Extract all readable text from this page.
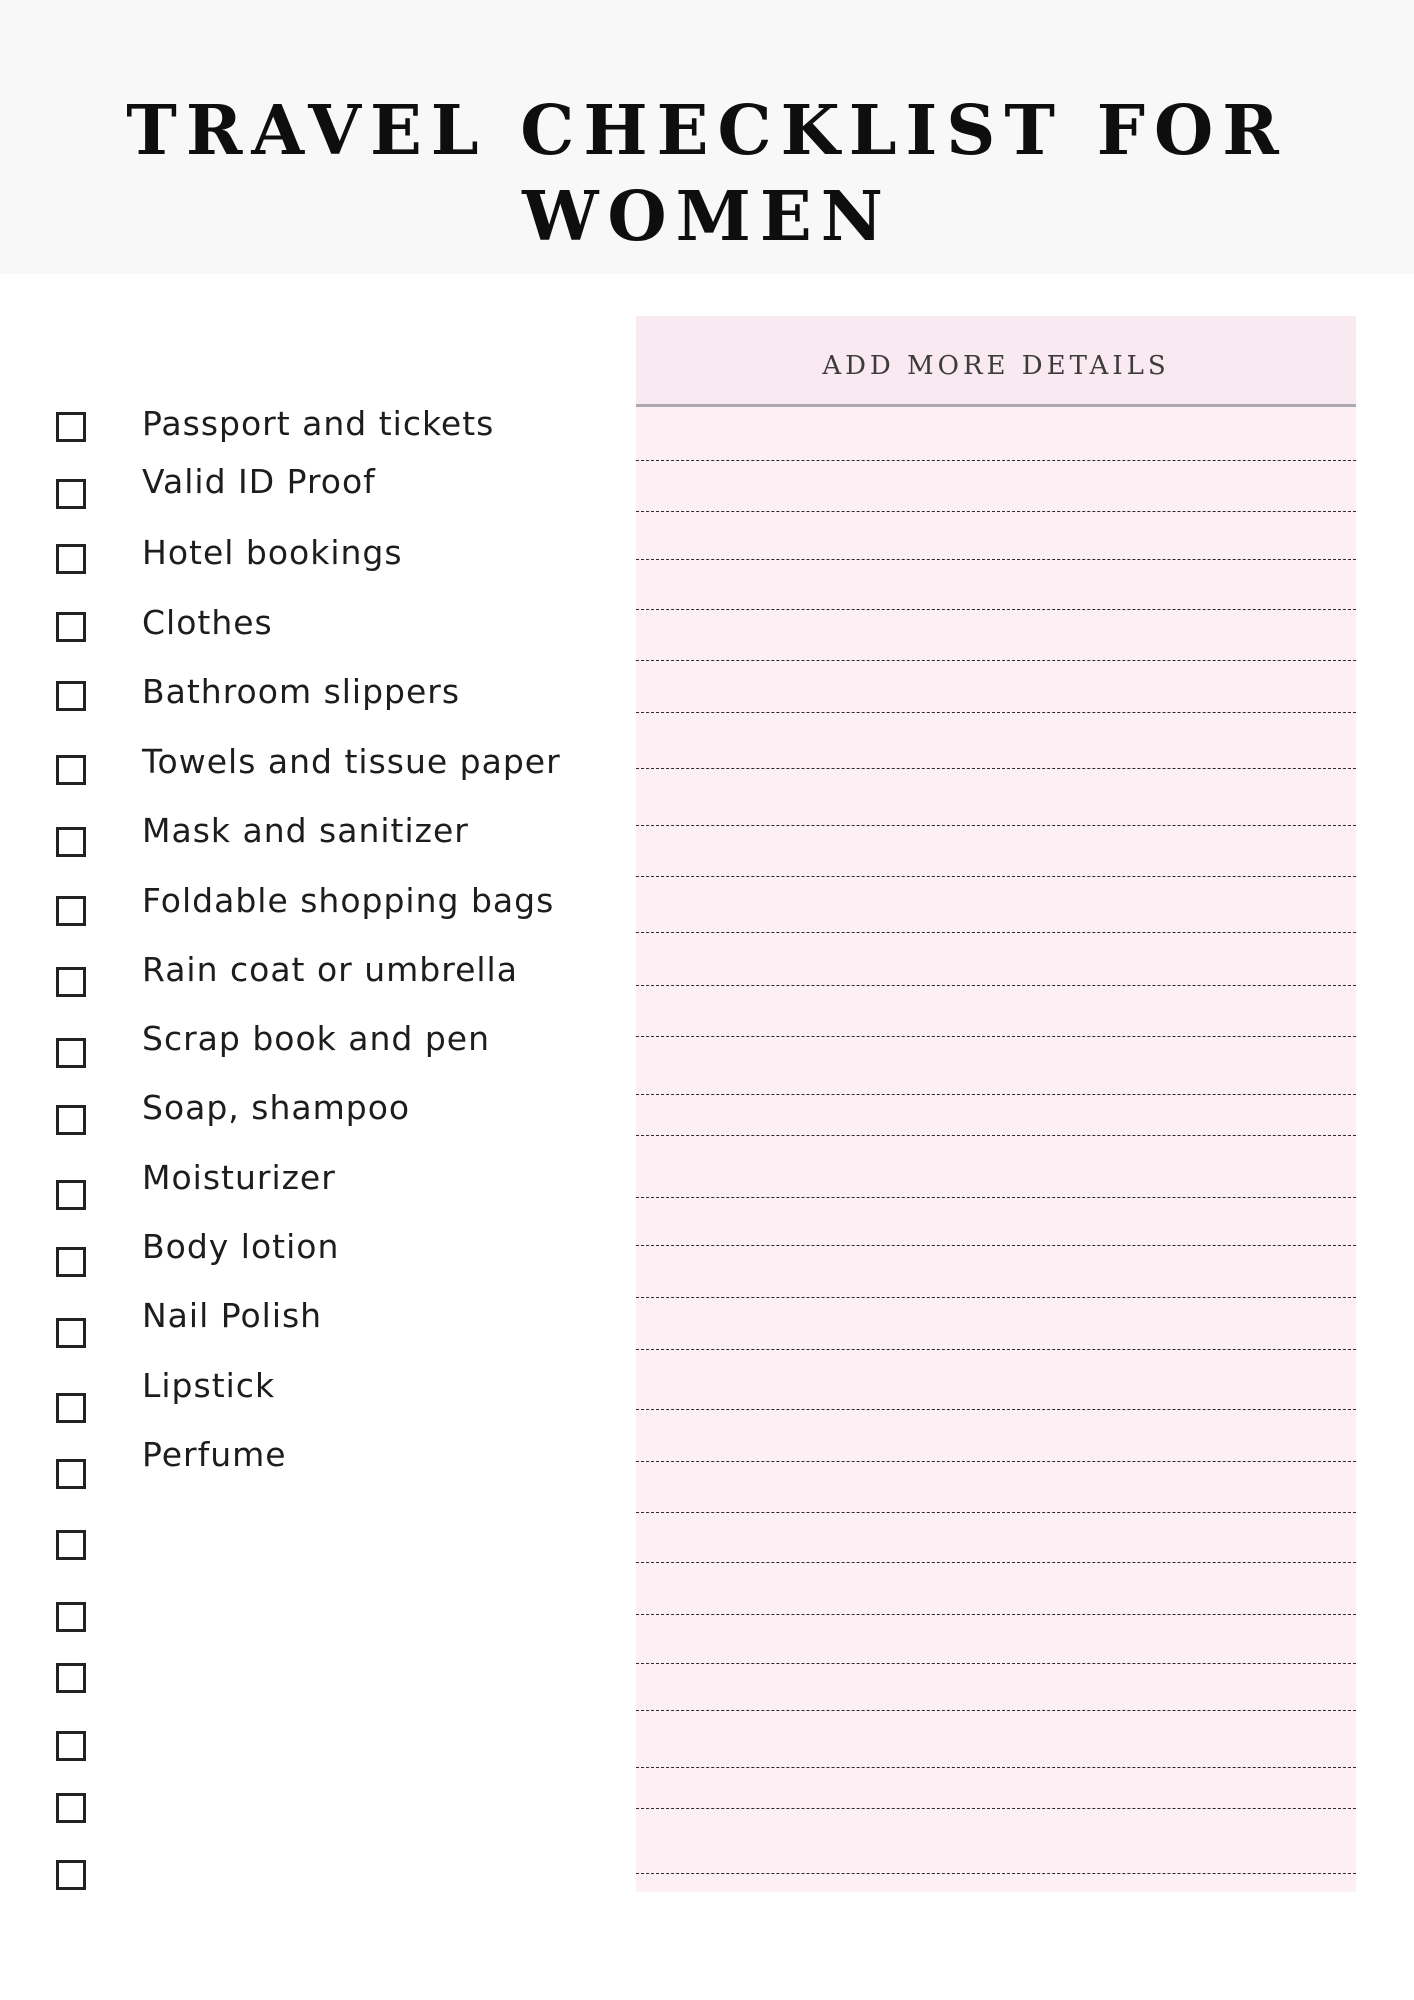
TRAVEL CHECKLIST FOR WOMEN
Passport and tickets
Valid ID Proof
Hotel bookings
Clothes
Bathroom slippers
Towels and tissue paper
Mask and sanitizer
Foldable shopping bags
Rain coat or umbrella
Scrap book and pen
Soap, shampoo
Moisturizer
Body lotion
Nail Polish
Lipstick
Perfume
ADD MORE DETAILS
